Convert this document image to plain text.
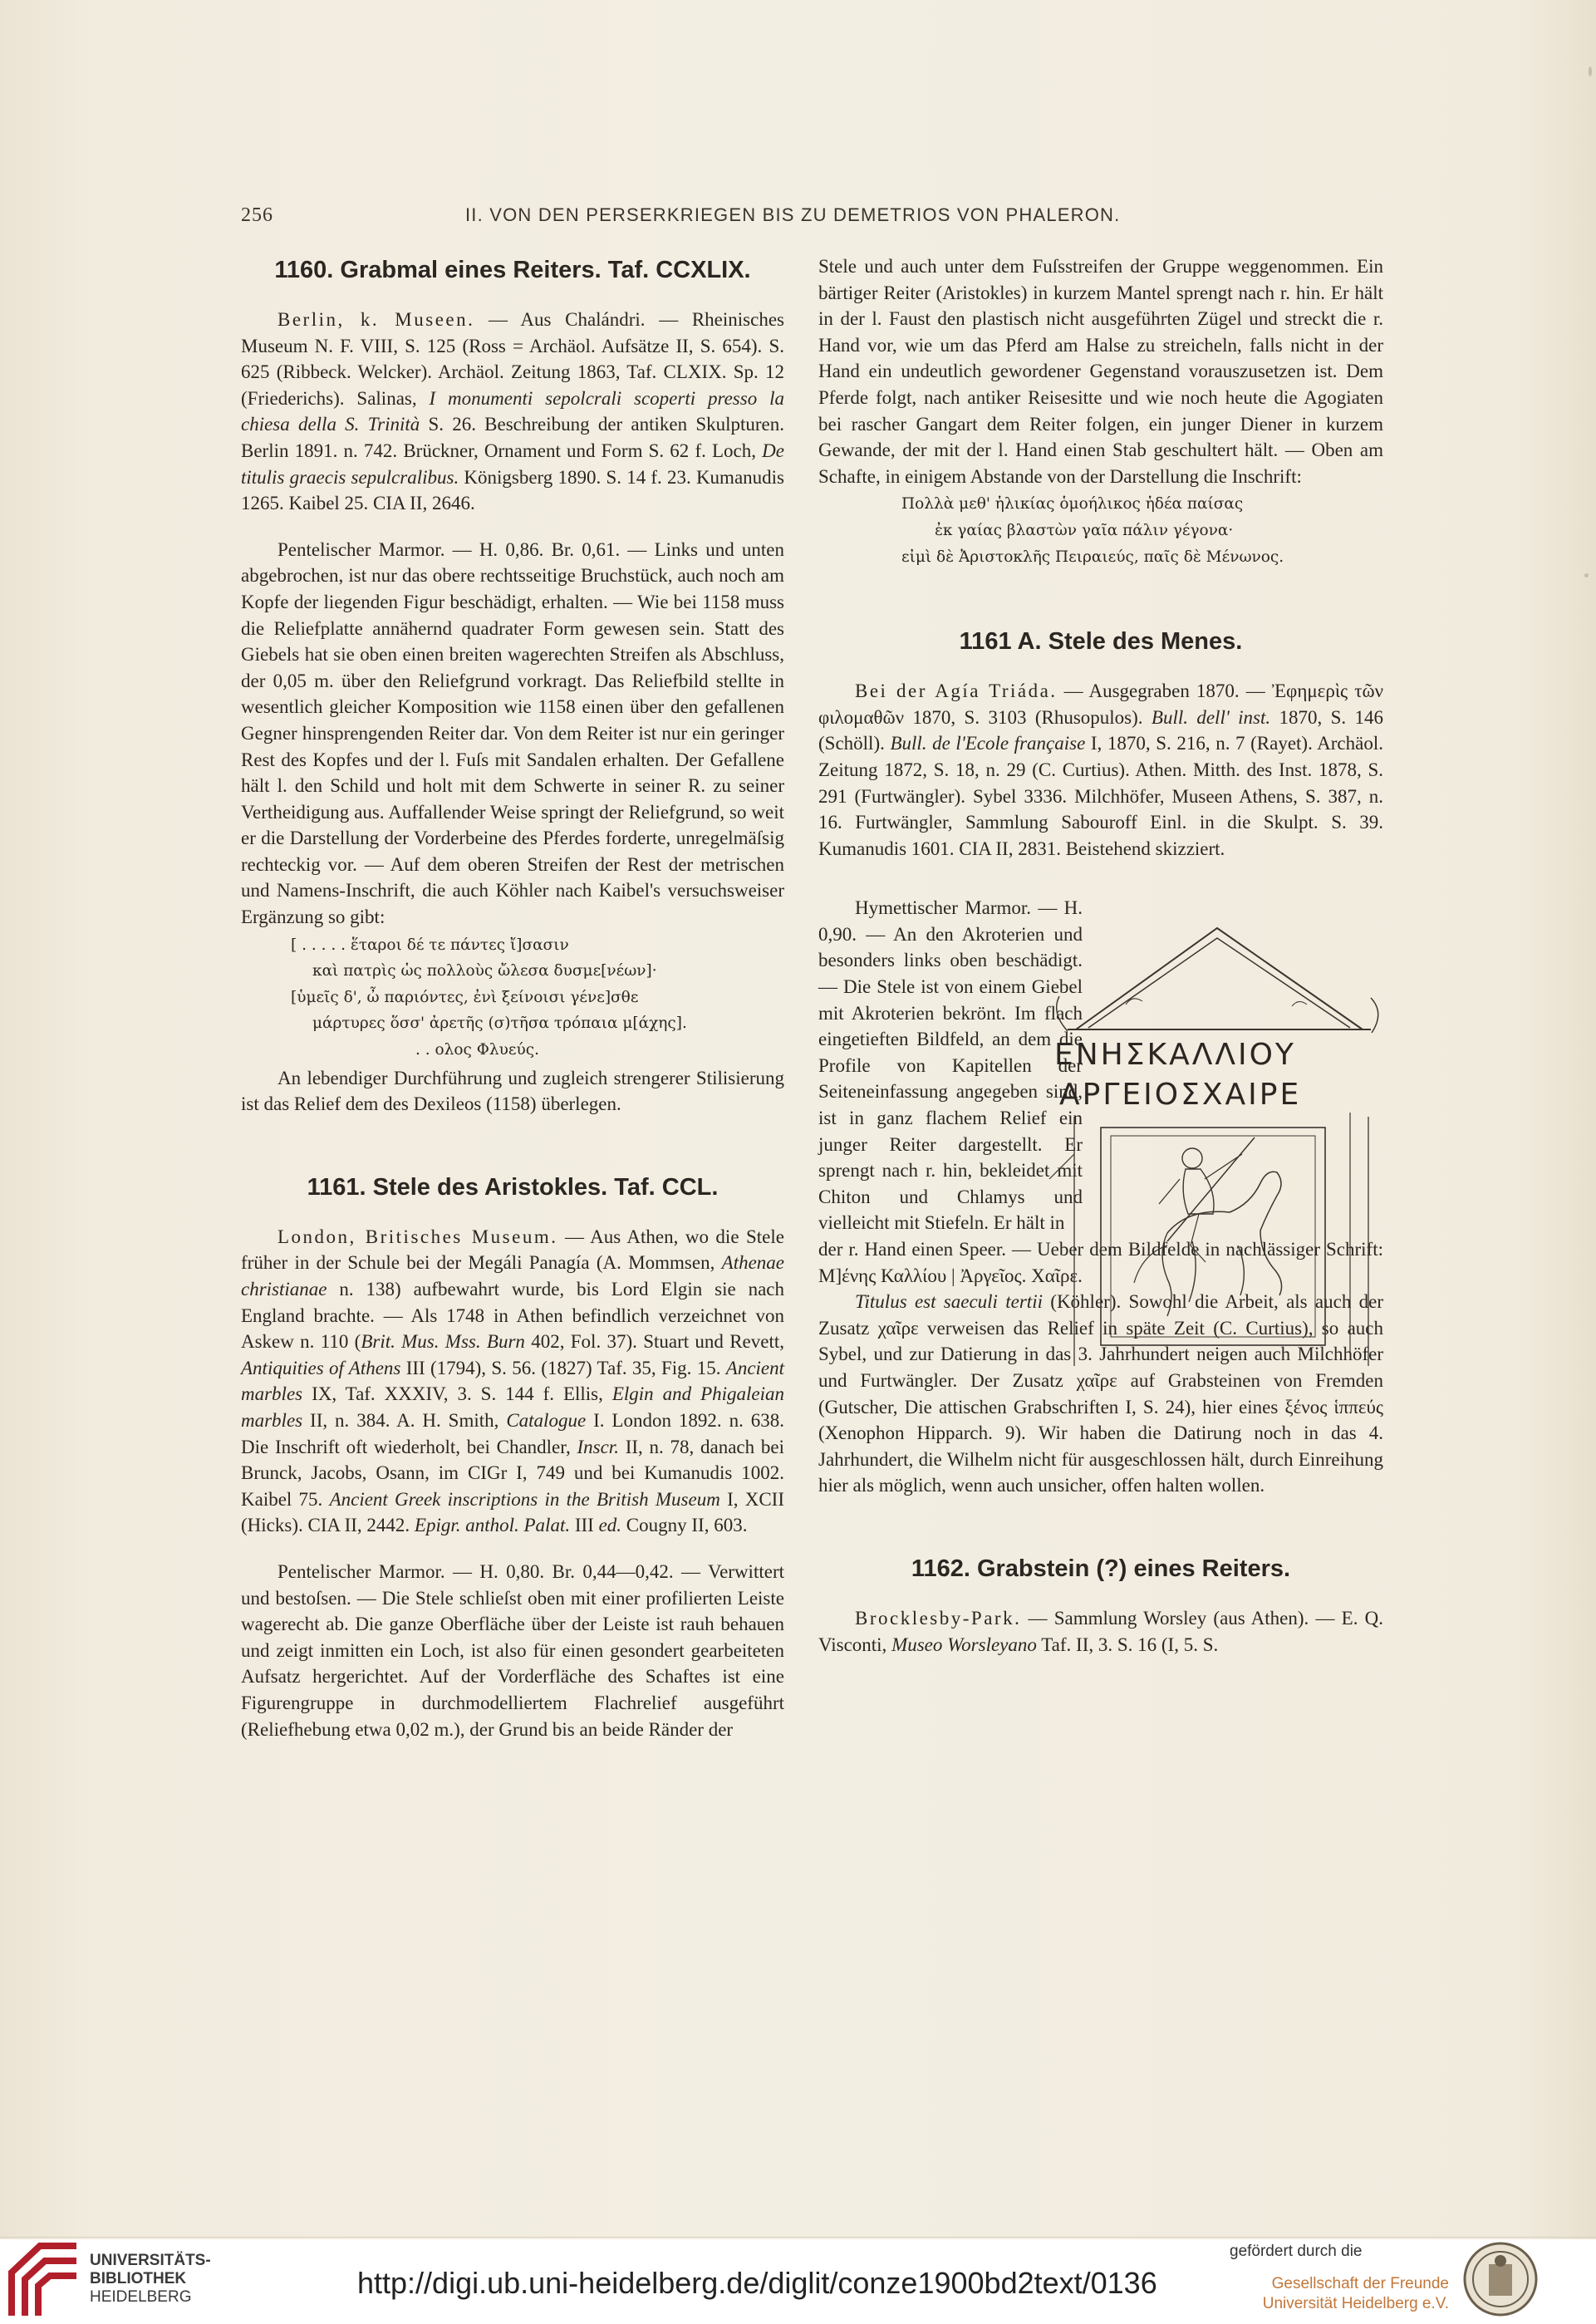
256	II. VON DEN PERSERKRIEGEN BIS ZU DEMETRIOS VON PHALERON.
1160. Grabmal eines Reiters. Taf. CCXLIX.

Berlin, k. Museen. — Aus Chalándri. — Rheinisches Museum N. F. VIII, S. 125 (Ross = Archäol. Aufsätze II, S. 654). S. 625 (Ribbeck. Welcker). Archäol. Zeitung 1863, Taf. CLXIX. Sp. 12 (Friederichs). Salinas, I monumenti sepolcrali scoperti presso la chiesa della S. Trinità S. 26. Beschreibung der antiken Skulpturen. Berlin 1891. n. 742. Brückner, Ornament und Form S. 62 f. Loch, De titulis graecis sepulcralibus. Königsberg 1890. S. 14 f. 23. Kumanudis 1265. Kaibel 25. CIA II, 2646.

Pentelischer Marmor. — H. 0,86. Br. 0,61. — Links und unten abgebrochen, ist nur das obere rechtsseitige Bruchstück, auch noch am Kopfe der liegenden Figur beschädigt, erhalten. — Wie bei 1158 muss die Reliefplatte annähernd quadrater Form gewesen sein. Statt des Giebels hat sie oben einen breiten wagerechten Streifen als Abschluss, der 0,05 m. über den Reliefgrund vorkragt. Das Reliefbild stellte in wesentlich gleicher Komposition wie 1158 einen über den gefallenen Gegner hinsprengenden Reiter dar. Von dem Reiter ist nur ein geringer Rest des Kopfes und der l. Fuſs mit Sandalen erhalten. Der Gefallene hält l. den Schild und holt mit dem Schwerte in seiner R. zu seiner Vertheidigung aus. Auffallender Weise springt der Reliefgrund, so weit er die Darstellung der Vorderbeine des Pferdes forderte, unregelmäſsig rechteckig vor. — Auf dem oberen Streifen der Rest der metrischen und Namens-Inschrift, die auch Köhler nach Kaibel's versuchsweiser Ergänzung so gibt:

[ . . . . . ἕταροι δέ τε πάντες ἴ]σασιν
καὶ πατρὶς ὡς πολλοὺς ὤλεσα δυσμε[νέων]·
[ὑμεῖς δ', ὦ παριόντες, ἐνὶ ξείνοισι γένε]σθε
μάρτυρες ὅσσ' ἀρετῆς (σ)τῆσα τρόπαια μ[άχης].
. . ολος Φλυεύς.

An lebendiger Durchführung und zugleich strengerer Stilisierung ist das Relief dem des Dexileos (1158) überlegen.

1161. Stele des Aristokles. Taf. CCL.

London, Britisches Museum. — Aus Athen, wo die Stele früher in der Schule bei der Megáli Panagía (A. Mommsen, Athenae christianae n. 138) aufbewahrt wurde, bis Lord Elgin sie nach England brachte. — Als 1748 in Athen befindlich verzeichnet von Askew n. 110 (Brit. Mus. Mss. Burn 402, Fol. 37). Stuart und Revett, Antiquities of Athens III (1794), S. 56. (1827) Taf. 35, Fig. 15. Ancient marbles IX, Taf. XXXIV, 3. S. 144 f. Ellis, Elgin and Phigaleian marbles II, n. 384. A. H. Smith, Catalogue I. London 1892. n. 638. Die Inschrift oft wiederholt, bei Chandler, Inscr. II, n. 78, danach bei Brunck, Jacobs, Osann, im CIGr I, 749 und bei Kumanudis 1002. Kaibel 75. Ancient Greek inscriptions in the British Museum I, XCII (Hicks). CIA II, 2442. Epigr. anthol. Palat. III ed. Cougny II, 603.

Pentelischer Marmor. — H. 0,80. Br. 0,44—0,42. — Verwittert und bestoſsen. — Die Stele schlieſst oben mit einer profilierten Leiste wagerecht ab. Die ganze Oberfläche über der Leiste ist rauh behauen und zeigt inmitten ein Loch, ist also für einen gesondert gearbeiteten Aufsatz hergerichtet. Auf der Vorderfläche des Schaftes ist eine Figurengruppe in durchmodelliertem Flachrelief ausgeführt (Reliefhebung etwa 0,02 m.), der Grund bis an beide Ränder der

Stele und auch unter dem Fuſsstreifen der Gruppe weggenommen. Ein bärtiger Reiter (Aristokles) in kurzem Mantel sprengt nach r. hin. Er hält in der l. Faust den plastisch nicht ausgeführten Zügel und streckt die r. Hand vor, wie um das Pferd am Halse zu streicheln, falls nicht in der Hand ein undeutlich gewordener Gegenstand vorauszusetzen ist. Dem Pferde folgt, nach antiker Reisesitte und wie noch heute die Agogiaten bei rascher Gangart dem Reiter folgen, ein junger Diener in kurzem Gewande, der mit der l. Hand einen Stab geschultert hält. — Oben am Schafte, in einigem Abstande von der Darstellung die Inschrift:

Πολλὰ μεθ' ἡλικίας ὁμοήλικος ἡδέα παίσας
ἐκ γαίας βλαστὼν γαῖα πάλιν γέγονα·
εἰμὶ δὲ Ἀριστοκλῆς Πειραιεύς, παῖς δὲ Μένωνος.
1161 A. Stele des Menes.

Bei der Agía Triáda. — Ausgegraben 1870. — Ἐφημερὶς τῶν φιλομαθῶν 1870, S. 3103 (Rhusopulos). Bull. dell' inst. 1870, S. 146 (Schöll). Bull. de l'Ecole française I, 1870, S. 216, n. 7 (Rayet). Archäol. Zeitung 1872, S. 18, n. 29 (C. Curtius). Athen. Mitth. des Inst. 1878, S. 291 (Furtwängler). Sybel 3336. Milchhöfer, Museen Athens, S. 387, n. 16. Furtwängler, Sammlung Sabouroff Einl. in die Skulpt. S. 39. Kumanudis 1601. CIA II, 2831. Beistehend skizziert.

Hymettischer Marmor. — H. 0,90. — An den Akroterien und besonders links oben beschädigt. — Die Stele ist von einem Giebel mit Akroterien bekrönt. Im flach eingetieften Bildfeld, an dem die Profile von Kapitellen der Seiteneinfassung angegeben sind, ist in ganz flachem Relief ein junger Reiter dargestellt. Er sprengt nach r. hin, bekleidet mit Chiton und Chlamys und vielleicht mit Stiefeln. Er hält in

ΕΝΗΣΚΑΛΛΙΟΥ
ΑΡΓΕΙΟΣΧΑΙΡΕ

der r. Hand einen Speer. — Ueber dem Bildfelde in nachlässiger Schrift: Μ]ένης Καλλίου | Ἀργεῖος. Χαῖρε.

Titulus est saeculi tertii (Köhler). Sowohl die Arbeit, als auch der Zusatz χαῖρε verweisen das Relief in späte Zeit (C. Curtius), so auch Sybel, und zur Datierung in das 3. Jahrhundert neigen auch Milchhöfer und Furtwängler. Der Zusatz χαῖρε auf Grabsteinen von Fremden (Gutscher, Die attischen Grabschriften I, S. 24), hier eines ξένος ἱππεύς (Xenophon Hipparch. 9). Wir haben die Datirung noch in das 4. Jahrhundert, die Wilhelm nicht für ausgeschlossen hält, durch Einreihung hier als möglich, wenn auch unsicher, offen halten wollen.

1162. Grabstein (?) eines Reiters.

Brocklesby-Park. — Sammlung Worsley (aus Athen). — E. Q. Visconti, Museo Worsleyano Taf. II, 3. S. 16 (I, 5. S.

UNIVERSITÄTS-
BIBLIOTHEK
HEIDELBERG	http://digi.ub.uni-heidelberg.de/diglit/conze1900bd2text/0136
gefördert durch die
Gesellschaft der Freunde
Universität Heidelberg e.V.
